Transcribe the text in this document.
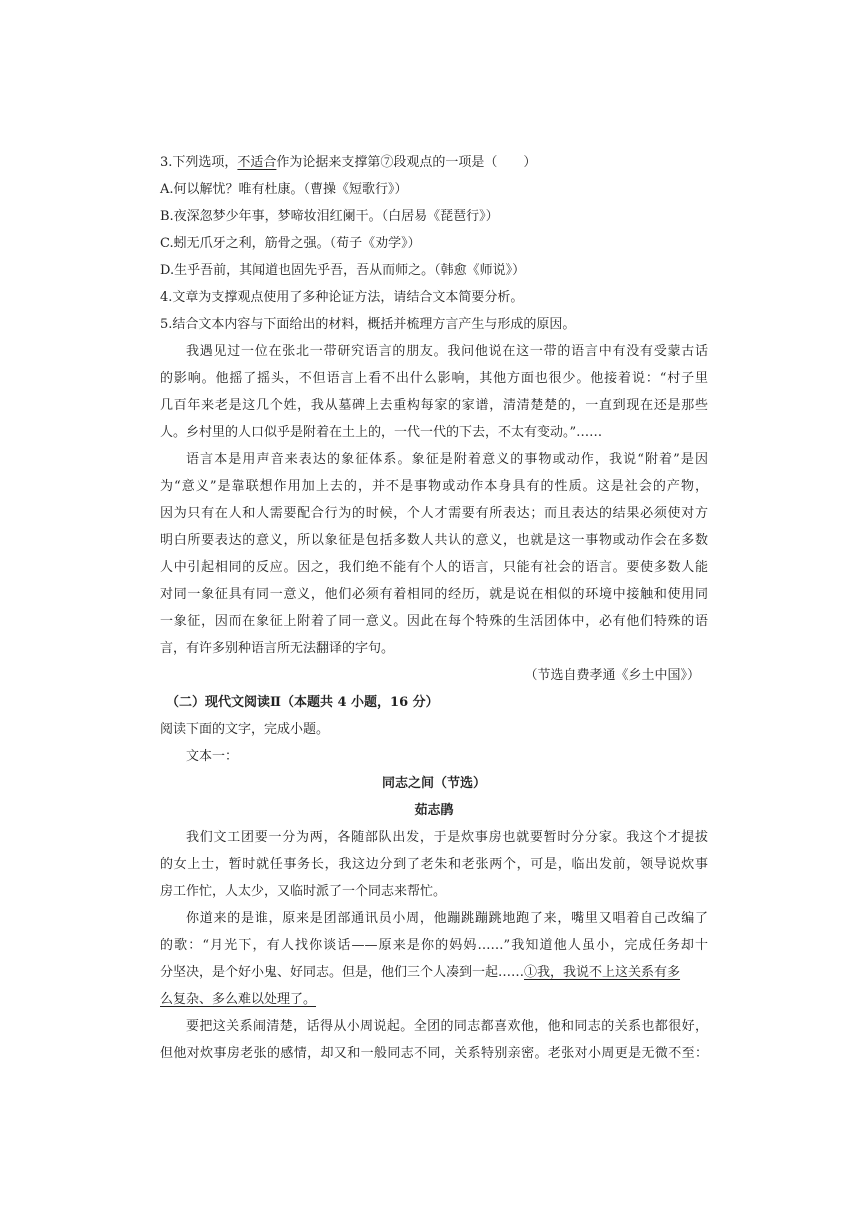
3.下列选项，不适合作为论据来支撑第⑦段观点的一项是（　　）
A.何以解忧？唯有杜康。（曹操《短歌行》）
B.夜深忽梦少年事，梦啼妆泪红阑干。（白居易《琵琶行》）
C.蚓无爪牙之利，筋骨之强。（荀子《劝学》）
D.生乎吾前，其闻道也固先乎吾，吾从而师之。（韩愈《师说》）
4.文章为支撑观点使用了多种论证方法，请结合文本简要分析。
5.结合文本内容与下面给出的材料，概括并梳理方言产生与形成的原因。
我遇见过一位在张北一带研究语言的朋友。我问他说在这一带的语言中有没有受蒙古话
的影响。他摇了摇头，不但语言上看不出什么影响，其他方面也很少。他接着说：“村子里
几百年来老是这几个姓，我从墓碑上去重构每家的家谱，清清楚楚的，一直到现在还是那些
人。乡村里的人口似乎是附着在土上的，一代一代的下去，不太有变动。”……
语言本是用声音来表达的象征体系。象征是附着意义的事物或动作，我说“附着”是因
为“意义”是靠联想作用加上去的，并不是事物或动作本身具有的性质。这是社会的产物，
因为只有在人和人需要配合行为的时候，个人才需要有所表达；而且表达的结果必须使对方
明白所要表达的意义，所以象征是包括多数人共认的意义，也就是这一事物或动作会在多数
人中引起相同的反应。因之，我们绝不能有个人的语言，只能有社会的语言。要使多数人能
对同一象征具有同一意义，他们必须有着相同的经历，就是说在相似的环境中接触和使用同
一象征，因而在象征上附着了同一意义。因此在每个特殊的生活团体中，必有他们特殊的语
言，有许多别种语言所无法翻译的字句。
（节选自费孝通《乡土中国》）
（二）现代文阅读Ⅱ（本题共 4 小题，16 分）
阅读下面的文字，完成小题。
文本一：
同志之间（节选）
茹志鹃
我们文工团要一分为两，各随部队出发，于是炊事房也就要暂时分分家。我这个才提拔
的女上士，暂时就任事务长，我这边分到了老朱和老张两个，可是，临出发前，领导说炊事
房工作忙，人太少，又临时派了一个同志来帮忙。
你道来的是谁，原来是团部通讯员小周，他蹦跳蹦跳地跑了来，嘴里又唱着自己改编了
的歌：“月光下，有人找你谈话——原来是你的妈妈……”我知道他人虽小，完成任务却十
分坚决，是个好小鬼、好同志。但是，他们三个人凑到一起……①我，我说不上这关系有多
么复杂、多么难以处理了。
要把这关系闹清楚，话得从小周说起。全团的同志都喜欢他，他和同志的关系也都很好，
但他对炊事房老张的感情，却又和一般同志不同，关系特别亲密。老张对小周更是无微不至：
